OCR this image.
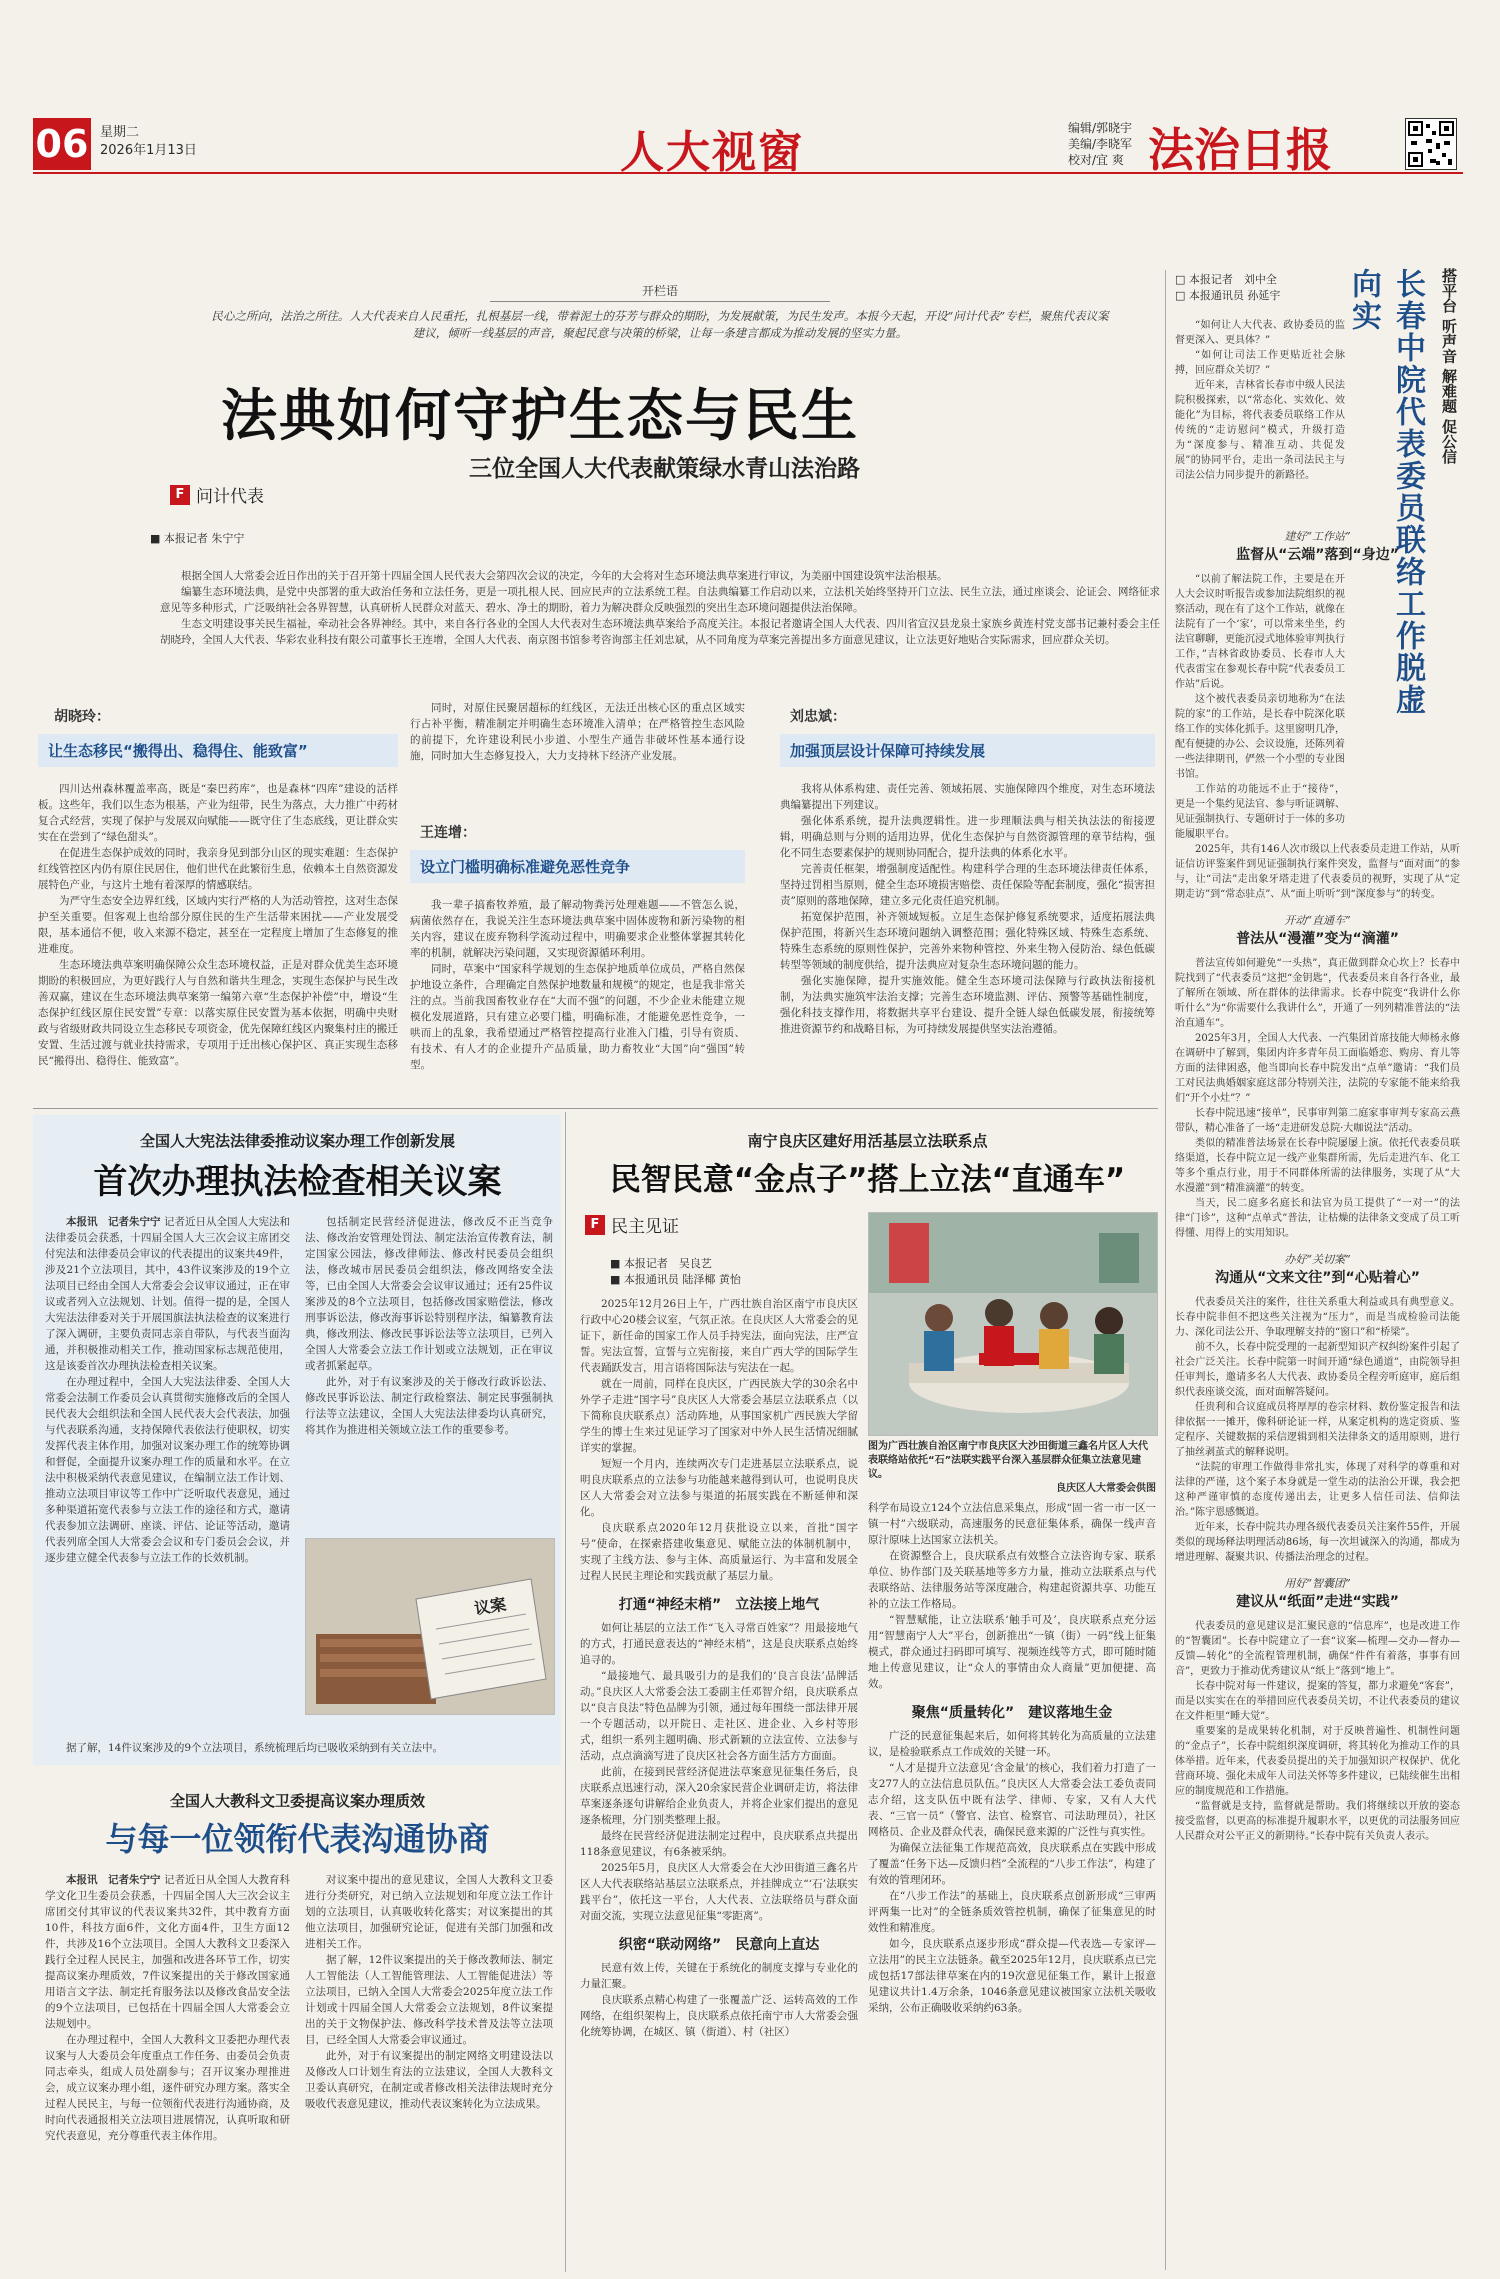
06 星期二
2026年1月13日	人大视窗	编辑/郭晓宇
美编/李晓军
校对/宜 爽 法治日报
开栏语
民心之所向，法治之所往。人大代表来自人民重托，扎根基层一线，带着泥土的芬芳与群众的期盼，为发展献策，为民生发声。本报今天起，开设“问计代表”专栏，聚焦代表议案建议，倾听一线基层的声音，聚起民意与决策的桥梁，让每一条建言都成为推动发展的坚实力量。
法典如何守护生态与民生
三位全国人大代表献策绿水青山法治路
F 问计代表
■ 本报记者 朱宁宁
根据全国人大常委会近日作出的关于召开第十四届全国人民代表大会第四次会议的决定，今年的大会将对生态环境法典草案进行审议，为美丽中国建设筑牢法治根基。
编纂生态环境法典，是党中央部署的重大政治任务和立法任务，更是一项扎根人民、回应民声的立法系统工程。自法典编纂工作启动以来，立法机关始终坚持开门立法、民生立法，通过座谈会、论证会、网络征求意见等多种形式，广泛吸纳社会各界智慧，认真研析人民群众对蓝天、碧水、净土的期盼，着力为解决群众反映强烈的突出生态环境问题提供法治保障。
生态文明建设事关民生福祉，牵动社会各界神经。其中，来自各行各业的全国人大代表对生态环境法典草案给予高度关注。本报记者邀请全国人大代表、四川省宣汉县龙泉土家族乡黄连村党支部书记兼村委会主任胡晓玲，全国人大代表、华彩农业科技有限公司董事长王连增，全国人大代表、南京图书馆参考咨询部主任刘忠斌，从不同角度为草案完善提出多方面意见建议，让立法更好地贴合实际需求，回应群众关切。
胡晓玲：
让生态移民“搬得出、稳得住、能致富”
四川达州森林覆盖率高，既是“秦巴药库”，也是森林“四库”建设的活样板。这些年，我们以生态为根基，产业为纽带，民生为落点，大力推广中药材复合式经营，实现了保护与发展双向赋能——既守住了生态底线，更让群众实实在在尝到了“绿色甜头”。
在促进生态保护成效的同时，我亲身见到部分山区的现实难题：生态保护红线管控区内仍有原住民居住，他们世代在此繁衍生息，依赖本土自然资源发展特色产业，与这片土地有着深厚的情感联结。
为严守生态安全边界红线，区域内实行严格的人为活动管控，这对生态保护至关重要。但客观上也给部分原住民的生产生活带来困扰——产业发展受限，基本通信不便，收入来源不稳定，甚至在一定程度上增加了生态修复的推进难度。
生态环境法典草案明确保障公众生态环境权益，正是对群众优美生态环境期盼的积极回应，为更好践行人与自然和谐共生理念，实现生态保护与民生改善双赢，建议在生态环境法典草案第一编第六章“生态保护补偿”中，增设“生态保护红线区原住民安置”专章：以落实原住民安置为基本依据，明确中央财政与省级财政共同设立生态移民专项资金，优先保障红线区内聚集村庄的搬迁安置、生活过渡与就业扶持需求，专项用于迁出核心保护区、真正实现生态移民“搬得出、稳得住、能致富”。
同时，对原住民聚居超标的红线区，无法迁出核心区的重点区域实行占补平衡，精准制定并明确生态环境准入清单；在严格管控生态风险的前提下，允许建设利民小步道、小型生产通告非破坏性基本通行设施，同时加大生态修复投入，大力支持林下经济产业发展。
王连增：
设立门槛明确标准避免恶性竞争
我一辈子搞畜牧养殖，最了解动物粪污处理难题——不管怎么说，病菌依然存在，我说关注生态环境法典草案中固体废物和新污染物的相关内容，建议在废弃物科学流动过程中，明确要求企业整体掌握其转化率的机制，就解决污染问题，又实现资源循环利用。
同时，草案中“国家科学规划的生态保护地质单位成员，严格自然保护地设立条件，合理确定自然保护地数量和规模”的规定，也是我非常关注的点。当前我国畜牧业存在“大而不强”的问题，不少企业未能建立规模化发展道路，只有建立必要门槛，明确标准，才能避免恶性竞争，一哄而上的乱象，我希望通过严格管控提高行业准入门槛，引导有资质、有技术、有人才的企业提升产品质量，助力畜牧业“大国”向“强国”转型。
刘忠斌：
加强顶层设计保障可持续发展
我将从体系构建、责任完善、领域拓展、实施保障四个维度，对生态环境法典编纂提出下列建议。
强化体系系统，提升法典逻辑性。进一步理顺法典与相关执法法的衔接逻辑，明确总则与分则的适用边界，优化生态保护与自然资源管理的章节结构，强化不同生态要素保护的规则协同配合，提升法典的体系化水平。
完善责任框架，增强制度适配性。构建科学合理的生态环境法律责任体系，坚持过罚相当原则，健全生态环境损害赔偿、责任保险等配套制度，强化“损害担责”原则的落地保障，建立多元化责任追究机制。
拓宽保护范围，补齐领域短板。立足生态保护修复系统要求，适度拓展法典保护范围，将新兴生态环境问题纳入调整范围；强化特殊区域、特殊生态系统、特殊生态系统的原则性保护，完善外来物种管控、外来生物入侵防治、绿色低碳转型等领域的制度供给，提升法典应对复杂生态环境问题的能力。
强化实施保障，提升实施效能。健全生态环境司法保障与行政执法衔接机制，为法典实施筑牢法治支撑；完善生态环境监测、评估、预警等基础性制度，强化科技支撑作用，将数据共享平台建设、提升全链人绿色低碳发展，衔接统筹推进资源节约和战略目标，为可持续发展提供坚实法治遵循。
□ 本报记者　刘中全
□ 本报通讯员 孙延宇	搭平台 听声音 解难题 促公信
长春中院代表委员联络工作脱虚向实
“如何让人大代表、政协委员的监督更深入、更具体？”
“如何让司法工作更贴近社会脉搏，回应群众关切？”
近年来，吉林省长春市中级人民法院积极探索，以“常态化、实效化、效能化”为目标，将代表委员联络工作从传统的“走访慰问”模式，升级打造为“深度参与、精准互动、共促发展”的协同平台，走出一条司法民主与司法公信力同步提升的新路径。
建好“工作站”
监督从“云端”落到“身边”
“以前了解法院工作，主要是在开人大会议时听报告或参加法院组织的视察活动，现在有了这个工作站，就像在法院有了一个‘家’，可以常来坐坐，约法官聊聊，更能沉浸式地体验审判执行工作，”吉林省政协委员、长春市人大代表雷宝在参观长春中院“代表委员工作站”后说。
这个被代表委员亲切地称为“在法院的家”的工作站，是长春中院深化联络工作的实体化抓手。这里窗明几净，配有便捷的办公、会议设施，还陈列着一些法律期刊，俨然一个小型的专业图书馆。
工作站的功能远不止于“接待”，更是一个集约见法官、参与听证调解、见证强制执行、专题研讨于一体的多功能履职平台。
2025年，共有146人次市级以上代表委员走进工作站，从听证信访评鉴案件到见证强制执行案件突发，监督与“面对面”的参与，让“司法”走出象牙塔走进了代表委员的视野，实现了从“定期走访”到“常态驻点”、从“面上听听”到“深度参与”的转变。
开动“直通车”
普法从“漫灌”变为“滴灌”
普法宣传如何避免“一头热”，真正做到群众心坎上？长春中院找到了“代表委员”这把“金钥匙”，代表委员来自各行各业，最了解所在领域、所在群体的法律需求。长春中院变“我讲什么你听什么”为“你需要什么我讲什么”，开通了一列列精准普法的“法治直通车”。
2025年3月，全国人大代表、一汽集团首席技能大师杨永修在调研中了解到，集团内许多青年员工面临婚恋、购房、育儿等方面的法律困惑，他当即向长春中院发出“点单”邀请：“我们员工对民法典婚姻家庭这部分特别关注，法院的专家能不能来给我们“开个小灶”？”
长春中院迅速“接单”，民事审判第二庭家事审判专家高云燕带队，精心准备了一场“走进研发总院·大咖说法”活动。
类似的精准普法场景在长春中院屡屡上演。依托代表委员联络渠道，长春中院立足一线产业集群所需，先后走进汽车、化工等多个重点行业，用于不同群体所需的法律服务，实现了从“大水漫灌”到“精准滴灌”的转变。
当天，民二庭多名庭长和法官为员工提供了“一对一”的法律“门诊”，这种“点单式”普法，让枯燥的法律条文变成了员工听得懂、用得上的实用知识。
办好“关切案”
沟通从“文来文往”到“心贴着心”
代表委员关注的案件，往往关系重大利益或具有典型意义。长春中院非但不把这些关注视为“压力”，而是当成检验司法能力、深化司法公开、争取理解支持的“窗口”和“桥梁”。
前不久，长春中院受理的一起新型知识产权纠纷案件引起了社会广泛关注。长春中院第一时间开通“绿色通道”，由院领导担任审判长，邀请多名人大代表、政协委员全程旁听庭审，庭后组织代表座谈交流，面对面解答疑问。
任贵利和合议庭成员将厚厚的卷宗材料、数份鉴定报告和法律依据一一摊开，像科研论证一样，从案定机构的选定资质、鉴定程序、关键数据的采信逻辑到相关法律条文的适用原则，进行了抽丝剥茧式的解释说明。
“法院的审理工作做得非常扎实，体现了对科学的尊重和对法律的严谨，这个案子本身就是一堂生动的法治公开课，我会把这种严谨审慎的态度传递出去，让更多人信任司法、信仰法治。”陈宇恩感慨道。
近年来，长春中院共办理各级代表委员关注案件55件，开展类似的现场释法明理活动86场，每一次坦诚深入的沟通，都成为增进理解、凝聚共识、传播法治理念的过程。
用好“智囊团”
建议从“纸面”走进“实践”
代表委员的意见建议是汇聚民意的“信息库”，也是改进工作的“智囊团”。长春中院建立了一套“议案—梳理—交办—督办—反馈—转化”的全流程管理机制，确保“件件有着落，事事有回音”，更致力于推动优秀建议从“纸上”落到“地上”。
长春中院对每一件建议，提案的答复，都力求避免“客套”，而是以实实在在的举措回应代表委员关切，不让代表委员的建议在文件柜里“睡大觉”。
重要案的是成果转化机制，对于反映普遍性、机制性问题的“金点子”，长春中院组织深度调研，将其转化为推动工作的具体举措。近年来，代表委员提出的关于加强知识产权保护、优化营商环境、强化未成年人司法关怀等多件建议，已陆续催生出相应的制度规范和工作措施。
“监督就是支持，监督就是帮助。我们将继续以开放的姿态接受监督，以更高的标准提升履职水平，以更优的司法服务回应人民群众对公平正义的新期待。”长春中院有关负责人表示。
全国人大宪法法律委推动议案办理工作创新发展
首次办理执法检查相关议案
本报讯　记者朱宁宁 记者近日从全国人大宪法和法律委员会获悉，十四届全国人大三次会议主席团交付宪法和法律委员会审议的代表提出的议案共49件，涉及21个立法项目，其中，43件议案涉及的19个立法项目已经由全国人大常委会会议审议通过，正在审议或者列入立法规划、计划。值得一提的是，全国人大宪法法律委对关于开展国旗法执法检查的议案进行了深入调研，主要负责同志亲自带队，与代表当面沟通，并积极推动相关工作，推动国家标志规范使用，这是该委首次办理执法检查相关议案。
在办理过程中，全国人大宪法法律委、全国人大常委会法制工作委员会认真贯彻实施修改后的全国人民代表大会组织法和全国人民代表大会代表法，加强与代表联系沟通，支持保障代表依法行使职权，切实发挥代表主体作用，加强对议案办理工作的统筹协调和督促，全面提升议案办理工作的质量和水平。在立法中积极采纳代表意见建议，在编制立法工作计划、推动立法项目审议等工作中广泛听取代表意见，通过多种渠道拓宽代表参与立法工作的途径和方式，邀请代表参加立法调研、座谈、评估、论证等活动，邀请代表列席全国人大常委会会议和专门委员会会议，并逐步建立健全代表参与立法工作的长效机制。
包括制定民营经济促进法，修改反不正当竞争法、修改治安管理处罚法、制定法治宣传教育法，制定国家公园法，修改律师法、修改村民委员会组织法，修改城市居民委员会组织法，修改网络安全法等，已由全国人大常委会会议审议通过；还有25件议案涉及的8个立法项目，包括修改国家赔偿法，修改刑事诉讼法，修改海事诉讼特别程序法，编纂教育法典，修改刑法、修改民事诉讼法等立法项目，已列入全国人大常委会立法工作计划或立法规划，正在审议或者抓紧起草。
此外，对于有议案涉及的关于修改行政诉讼法、修改民事诉讼法、制定行政检察法、制定民事强制执行法等立法建议，全国人大宪法法律委均认真研究，将其作为推进相关领域立法工作的重要参考。
议案
据了解，14件议案涉及的9个立法项目，系统梳理后均已吸收采纳到有关立法中。
全国人大教科文卫委提高议案办理质效
与每一位领衔代表沟通协商
本报讯　记者朱宁宁 记者近日从全国人大教育科学文化卫生委员会获悉，十四届全国人大三次会议主席团交付其审议的代表议案共32件，其中教育方面10件，科技方面6件，文化方面4件，卫生方面12件，共涉及16个立法项目。全国人大教科文卫委深入践行全过程人民民主，加强和改进各环节工作，切实提高议案办理质效，7件议案提出的关于修改国家通用语言文字法、制定托育服务法以及修改食品安全法的9个立法项目，已包括在十四届全国人大常委会立法规划中。
在办理过程中，全国人大教科文卫委把办理代表议案与人大委员会年度重点工作任务、由委员会负责同志牵头，组成人员处副参与；召开议案办理推进会，成立议案办理小组，逐件研究办理方案。落实全过程人民民主，与每一位领衔代表进行沟通协商，及时向代表通报相关立法项目进展情况，认真听取和研究代表意见，充分尊重代表主体作用。
对议案中提出的意见建议，全国人大教科文卫委进行分类研究，对已纳入立法规划和年度立法工作计划的立法项目，认真吸收转化落实；对议案提出的其他立法项目，加强研究论证，促进有关部门加强和改进相关工作。
据了解，12件议案提出的关于修改教师法、制定人工智能法（人工智能管理法、人工智能促进法）等立法项目，已纳入全国人大常委会2025年度立法工作计划或十四届全国人大常委会立法规划，8件议案提出的关于文物保护法、修改科学技术普及法等立法项目，已经全国人大常委会审议通过。
此外，对于有议案提出的制定网络文明建设法以及修改人口计划生育法的立法建议，全国人大教科文卫委认真研究，在制定或者修改相关法律法规时充分吸收代表意见建议，推动代表议案转化为立法成果。
南宁良庆区建好用活基层立法联系点
民智民意“金点子”搭上立法“直通车”
F 民主见证
■ 本报记者　吴良艺
■ 本报通讯员 陆泽椰 黄怡
图为广西壮族自治区南宁市良庆区大沙田街道三鑫名片区人大代表联络站依托“石”法联实践平台深入基层群众征集立法意见建议。
良庆区人大常委会供图
2025年12月26日上午，广西壮族自治区南宁市良庆区行政中心20楼会议室，气氛正浓。在良庆区人大常委会的见证下，新任命的国家工作人员手持宪法，面向宪法，庄严宣誓。宪法宣誓，宣誓与立宪衔接，来自广西大学的国际学生代表踊跃发言，用言语将国际法与宪法在一起。
就在一周前，同样在良庆区，广西民族大学的30余名中外学子走进“国字号”良庆区人大常委会基层立法联系点（以下简称良庆联系点）活动阵地，从事国家机广西民族大学留学生的博士生来过见证学习了国家对中外人民生活情况细腻详实的掌握。
短短一个月内，连续两次专门走进基层立法联系点，说明良庆联系点的立法参与功能越来越得到认可，也说明良庆区人大常委会对立法参与渠道的拓展实践在不断延伸和深化。
良庆联系点2020年12月获批设立以来，首批“国字号”使命，在探索搭建收集意见、赋能立法的体制机制中，实现了主线方法、参与主体、高质量运行、为丰富和发展全过程人民民主理论和实践贡献了基层力量。
打通“神经末梢”　立法接上地气
如何让基层的立法工作“飞入寻常百姓家”？用最接地气的方式，打通民意表达的“神经末梢”，这是良庆联系点始终追寻的。
“最接地气、最具吸引力的是我们的‘良言良法’品牌活动。”良庆区人大常委会法工委副主任邓智介绍，良庆联系点以“良言良法”特色品牌为引领，通过每年围绕一部法律开展一个专题活动，以开院日、走社区、进企业、入乡村等形式，组织一系列主题明确、形式新颖的立法宣传、立法参与活动，点点滴滴写进了良庆区社会各方面生活方方面面。
此前，在接到民营经济促进法草案意见征集任务后，良庆联系点迅速行动，深入20余家民营企业调研走访，将法律草案逐条逐句讲解给企业负责人，并将企业家们提出的意见逐条梳理，分门别类整理上报。
最终在民营经济促进法制定过程中，良庆联系点共提出118条意见建议，有6条被采纳。
2025年5月，良庆区人大常委会在大沙田街道三鑫名片区人大代表联络站基层立法联系点，并挂牌成立“‘石’法联实践平台”，依托这一平台，人大代表、立法联络员与群众面对面交流，实现立法意见征集“零距离”。
织密“联动网络”　民意向上直达
民意有效上传，关键在于系统化的制度支撑与专业化的力量汇聚。
良庆联系点精心构建了一张覆盖广泛、运转高效的工作网络，在组织架构上，良庆联系点依托南宁市人大常委会强化统筹协调，在城区、镇（街道）、村（社区）
科学布局设立124个立法信息采集点，形成“固一省一市一区一镇一村”六级联动，高速服务的民意征集体系，确保一线声音原汁原味上达国家立法机关。
在资源整合上，良庆联系点有效整合立法咨询专家、联系单位、协作部门及关联基地等多方力量，推动立法联系点与代表联络站、法律服务站等深度融合，构建起资源共享、功能互补的立法工作格局。
“智慧赋能，让立法联系‘触手可及’，良庆联系点充分运用“智慧南宁人大”平台，创新推出“一镇（街）一码”线上征集模式，群众通过扫码即可填写、视频连线等方式，即可随时随地上传意见建议，让“众人的事情由众人商量”更加便捷、高效。
聚焦“质量转化”　建议落地生金
广泛的民意征集起来后，如何将其转化为高质量的立法建议，是检验联系点工作成效的关键一环。
“人才是提升立法意见‘含金量’的核心，我们着力打造了一支277人的立法信息员队伍。”良庆区人大常委会法工委负责同志介绍，这支队伍中既有法学、律师、专家，又有人大代表、“三官一员”（警官、法官、检察官、司法助理员），社区网格员、企业及群众代表，确保民意来源的广泛性与真实性。
为确保立法征集工作规范高效，良庆联系点在实践中形成了覆盖“任务下达—反馈归档”全流程的“八步工作法”，构建了有效的管理闭环。
在“八步工作法”的基础上，良庆联系点创新形成“三审两评两集一比对”的全链条质效管控机制，确保了征集意见的时效性和精准度。
如今，良庆联系点逐步形成“群众提—代表选—专家评—立法用”的民主立法链条。截至2025年12月，良庆联系点已完成包括17部法律草案在内的19次意见征集工作，累计上报意见建议共计1.4万余条，1046条意见建议被国家立法机关吸收采纳，公布正确吸收采纳约63条。
